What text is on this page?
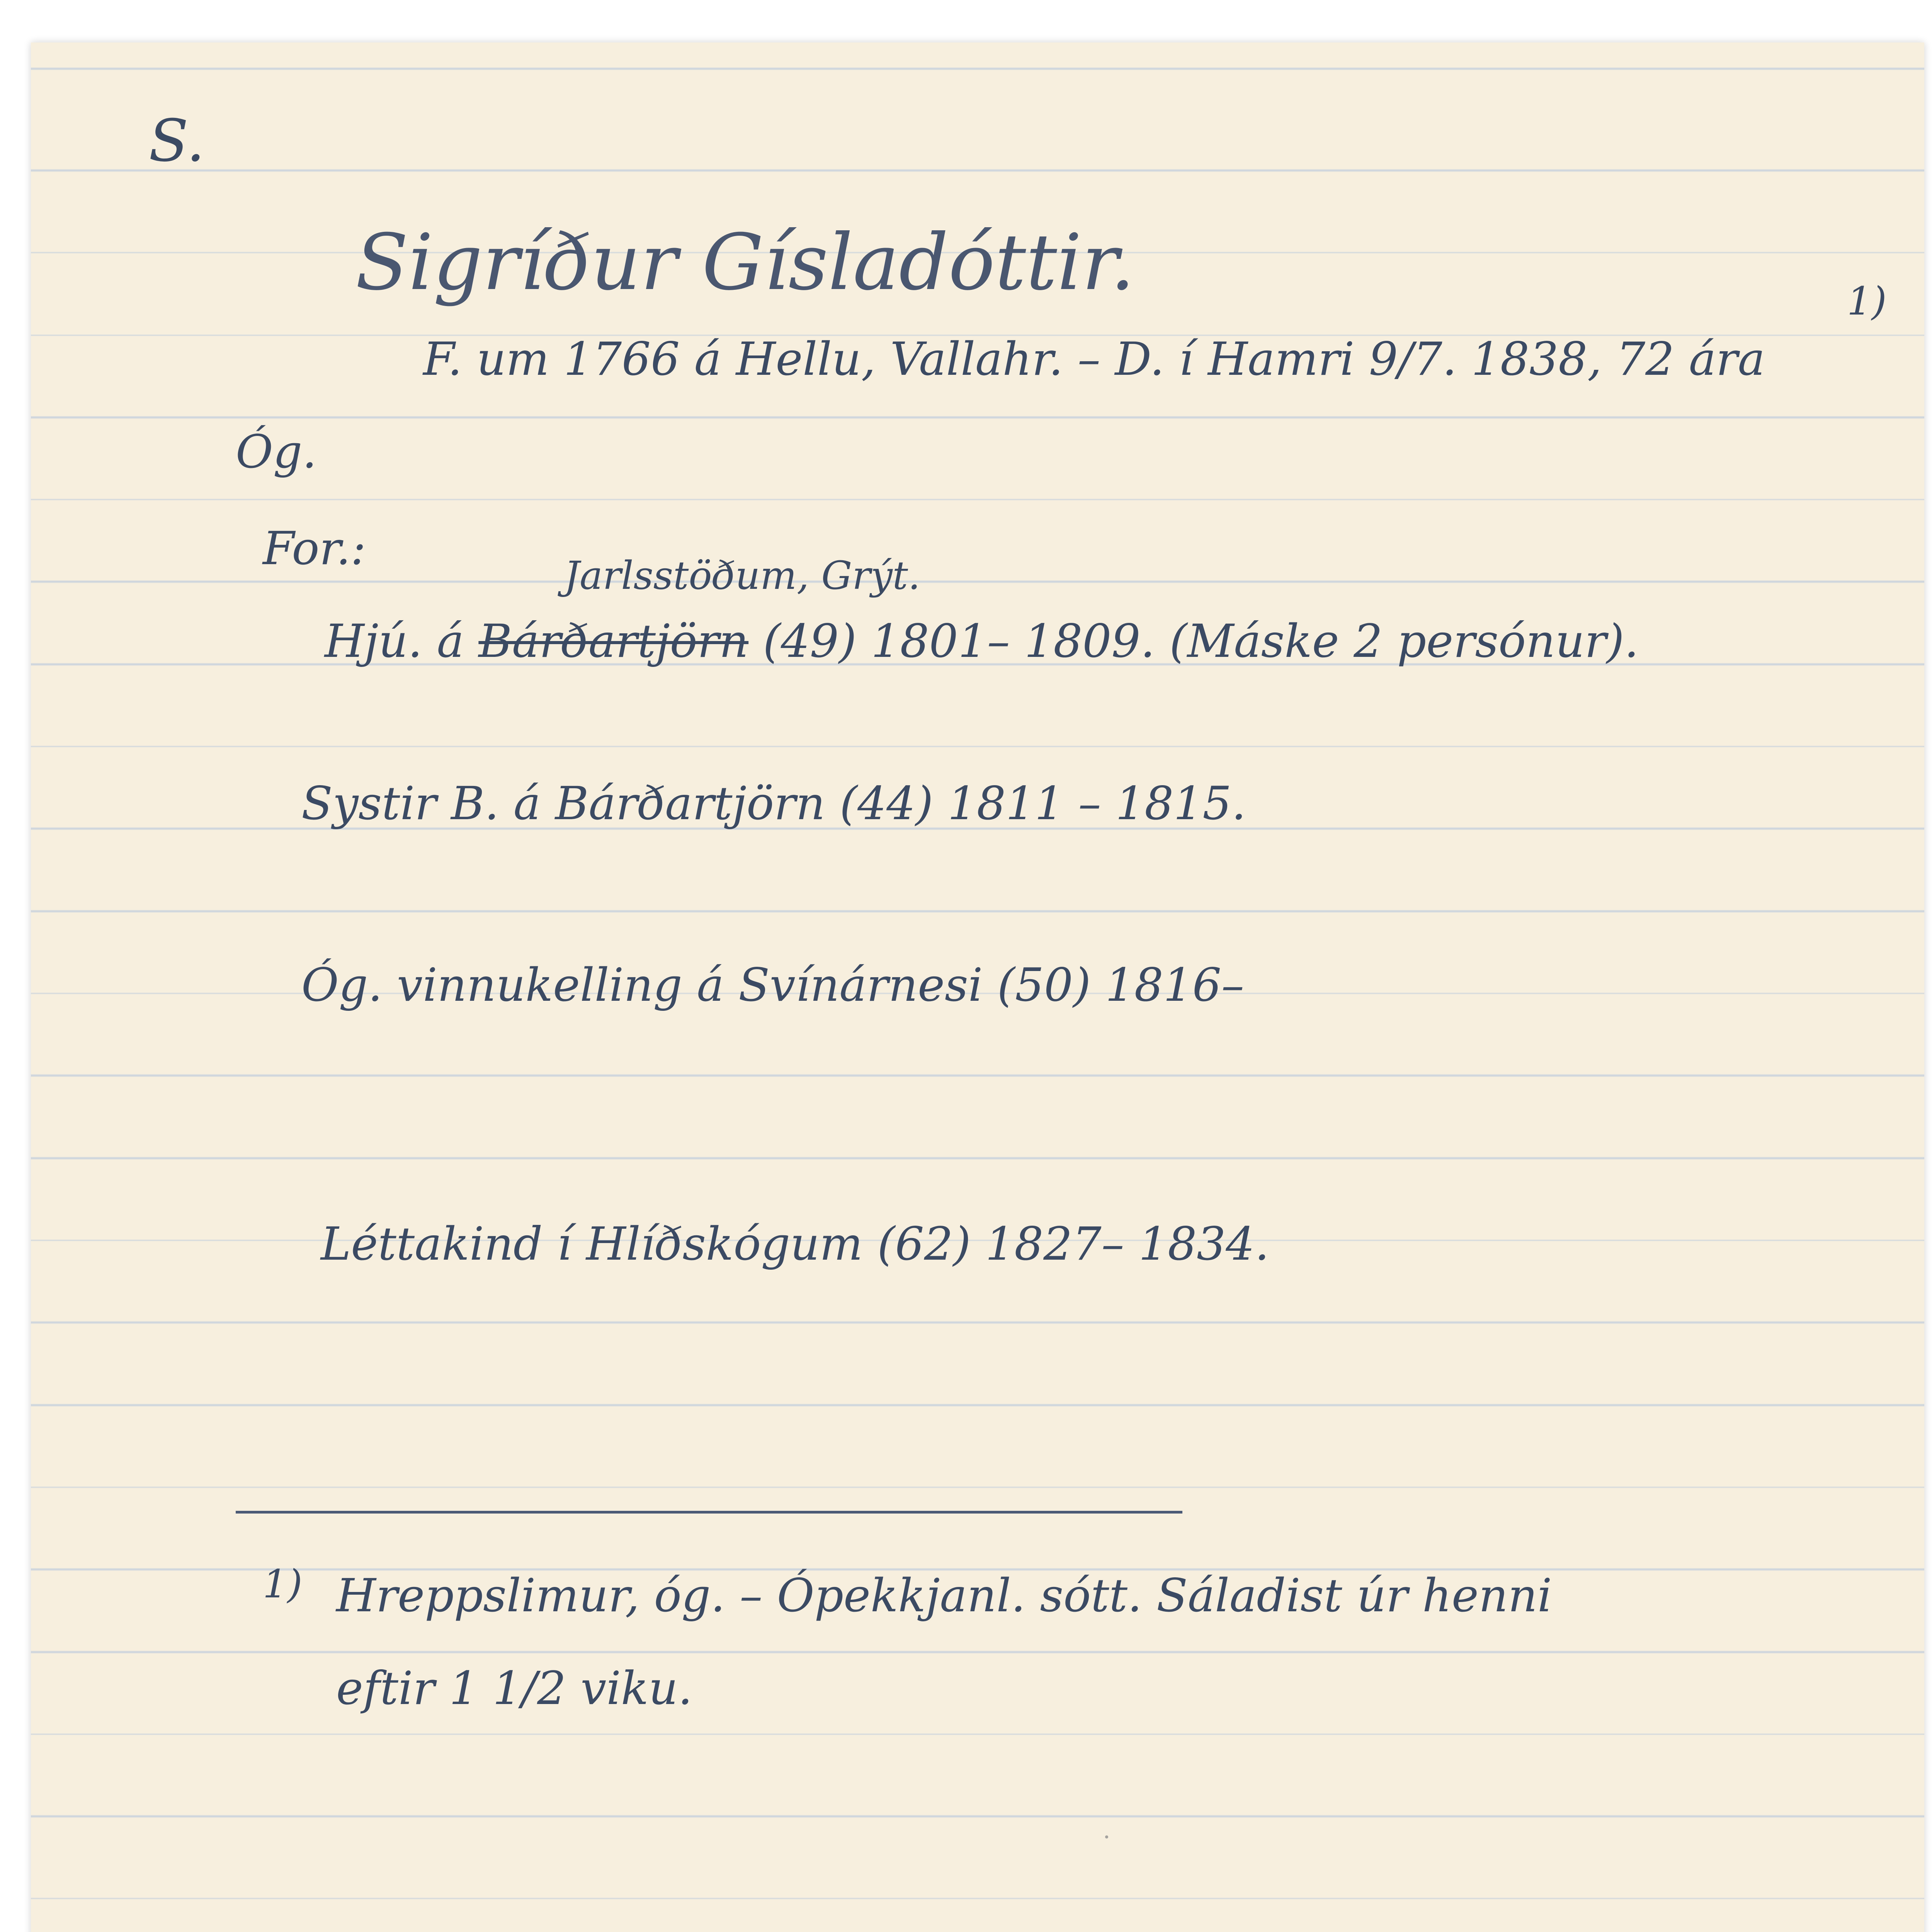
S.
Sigríður Gísladóttir.
F. um 1766 á Hellu, Vallahr. – D. í Hamri 9/7. 1838, 72 ára
1)
Óg.
For.:
Jarlsstöðum, Grýt.
Hjú. á Bárðartjörn (49) 1801– 1809. (Máske 2 persónur).
Systir B. á Bárðartjörn (44) 1811 – 1815.
Óg. vinnukelling á Svínárnesi (50) 1816–
Léttakind í Hlíðskógum (62) 1827– 1834.
1) Hreppslimur, óg. – Ópekkjanl. sótt. Sáladist úr henni
eftir 1 1/2 viku.
